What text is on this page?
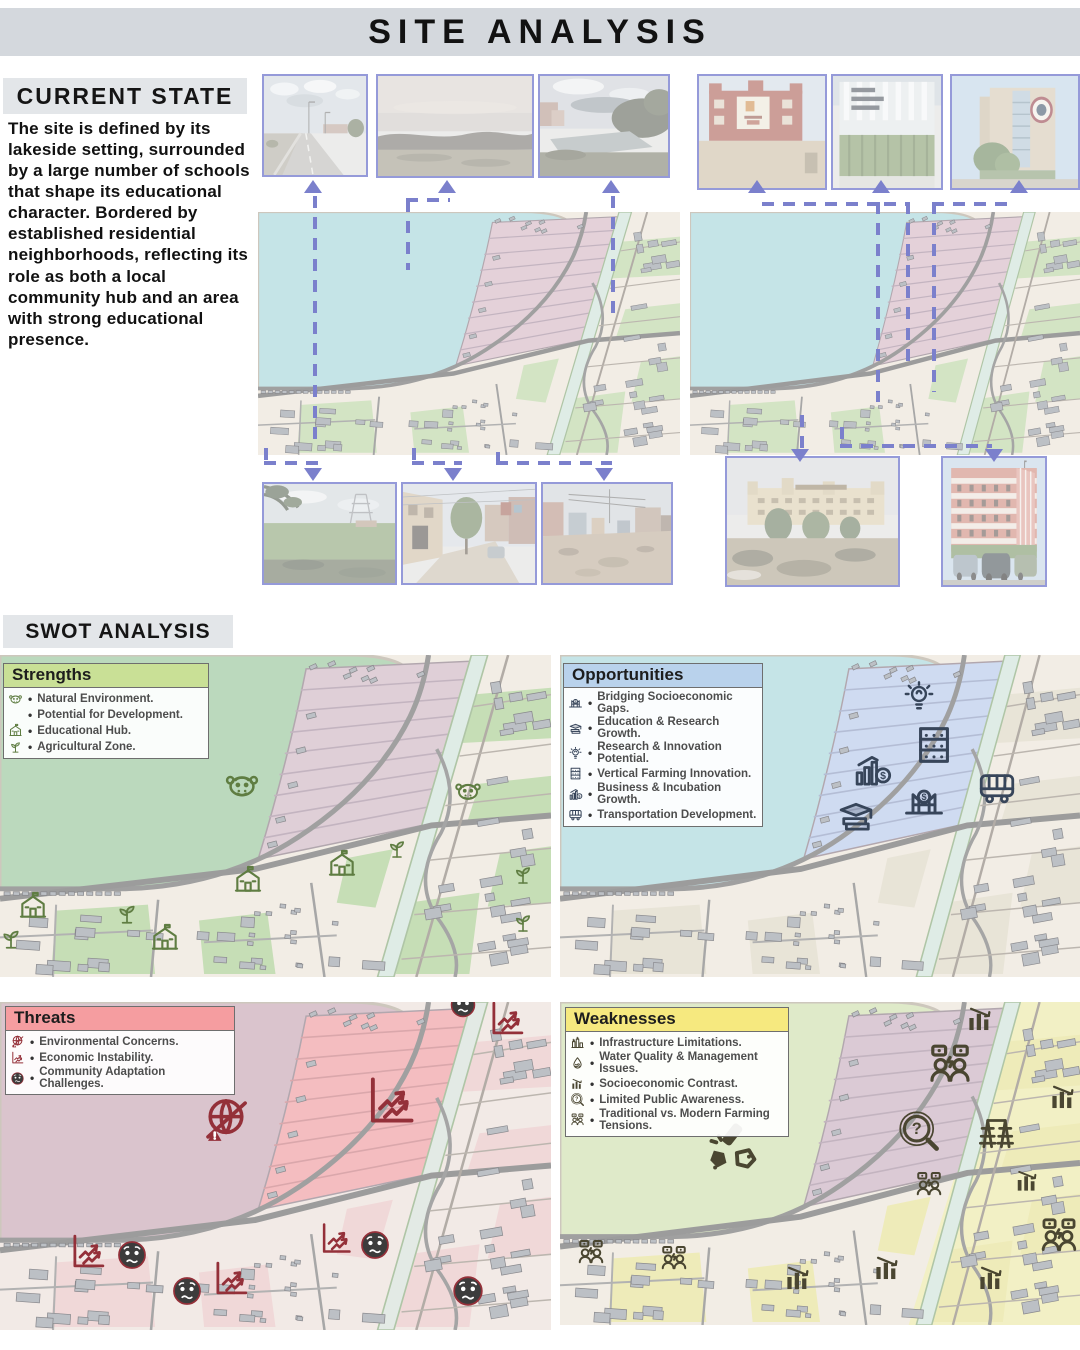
SITE ANALYSIS
CURRENT STATE

The site is defined by its lakeside setting, surrounded by a large number of schools that shape its educational character. Bordered by established residential neighborhoods, reflecting its role as both a local community hub and an area with strong educational presence.

SWOT ANALYSIS
Strengths
• Natural Environment.
• Potential for Development.
• Educational Hub.
• Agricultural Zone.
$
$
Opportunities
$ • Bridging Socioeconomic Gaps.
• Education & Research Growth.
• Research & Innovation Potential.
• Vertical Farming Innovation.
$ • Business & Incubation Growth.
• Transportation Development.
Threats
• Environmental Concerns.
• Economic Instability.
• Community Adaptation Challenges.
?
Weaknesses
• Infrastructure Limitations.
• Water Quality & Management Issues.
• Socioeconomic Contrast.
? • Limited Public Awareness.
• Traditional vs. Modern Farming Tensions.
